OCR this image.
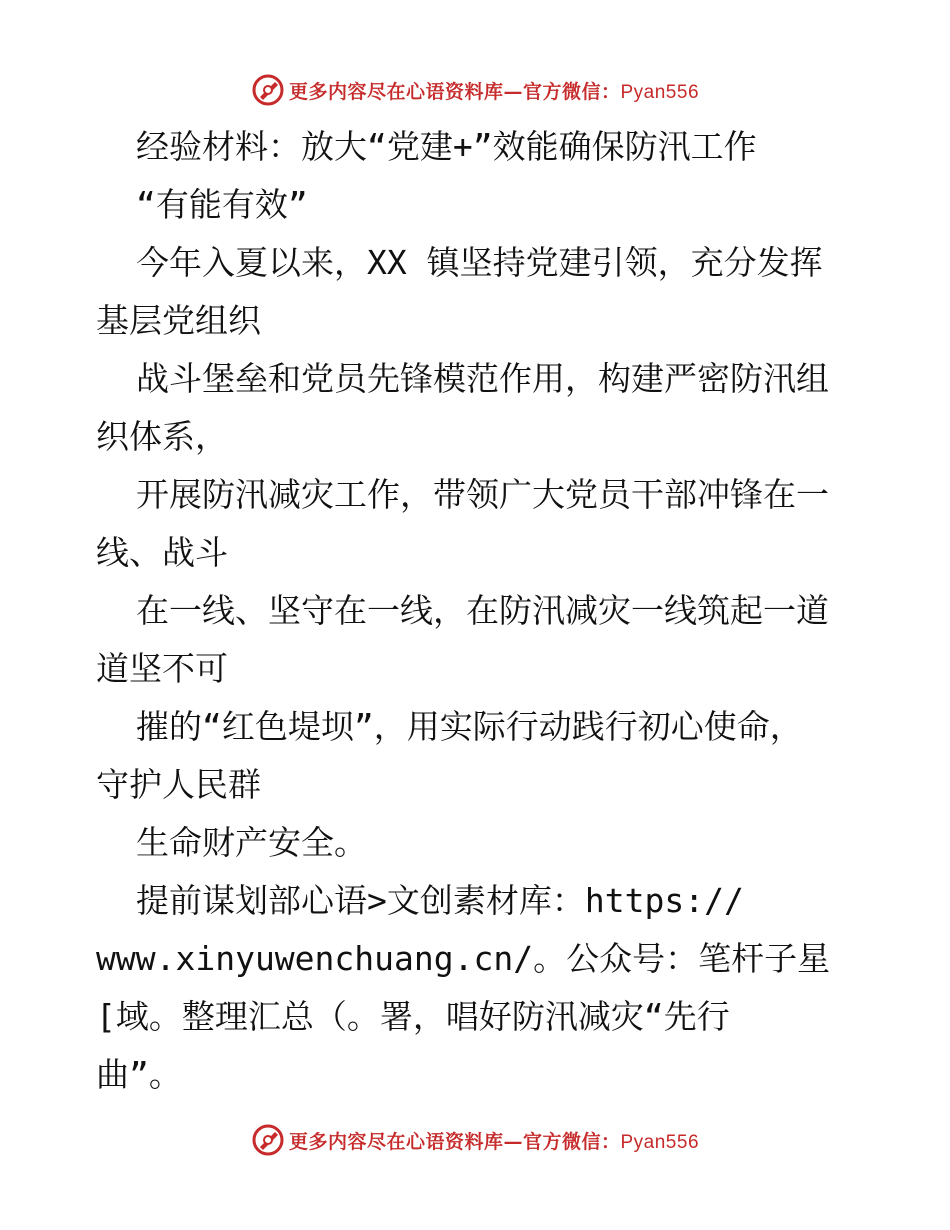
更多内容尽在心语资料库—官方微信：Pyan556
经验材料：放大“党建+”效能确保防汛工作
“有能有效”
今年入夏以来，XX 镇坚持党建引领，充分发挥
基层党组织
战斗堡垒和党员先锋模范作用，构建严密防汛组
织体系，
开展防汛减灾工作，带领广大党员干部冲锋在一
线、战斗
在一线、坚守在一线，在防汛减灾一线筑起一道
道坚不可
摧的“红色堤坝”，用实际行动践行初心使命，
守护人民群
生命财产安全。
提前谋划部心语>文创素材库：https://
www.xinyuwenchuang.cn/。公众号：笔杆子星
[域。整理汇总（。署，唱好防汛减灾“先行
曲”。
更多内容尽在心语资料库—官方微信：Pyan556
